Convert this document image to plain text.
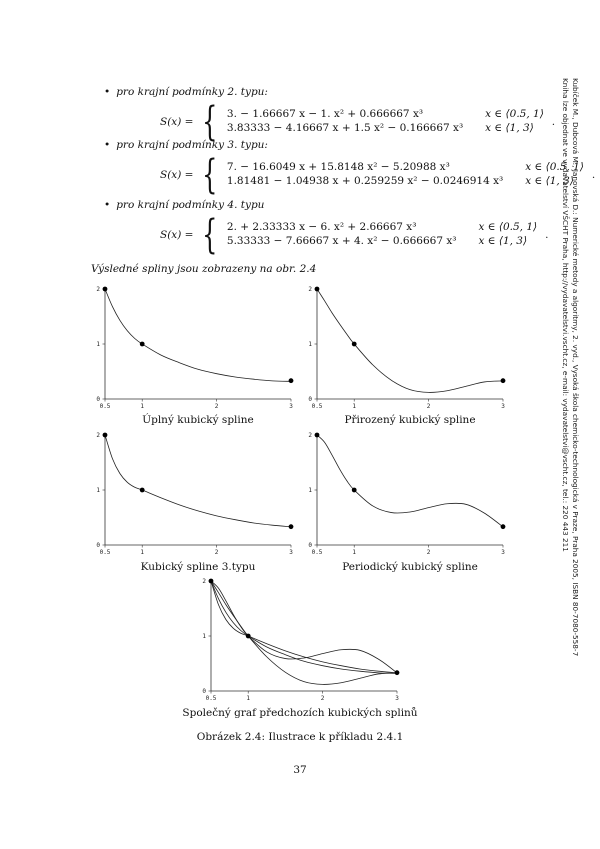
• pro krajní podmínky 2. typu:
S(x) = { 3. − 1.66667 x − 1. x² + 0.666667 x³	x ∈ ⟨0.5, 1⟩
3.83333 − 4.16667 x + 1.5 x² − 0.166667 x³	x ∈ ⟨1, 3⟩ .
• pro krajní podmínky 3. typu:
S(x) = { 7. − 16.6049 x + 15.8148 x² − 5.20988 x³	x ∈ ⟨0.5, 1⟩
1.81481 − 1.04938 x + 0.259259 x² − 0.0246914 x³	x ∈ ⟨1, 3⟩ .
• pro krajní podmínky 4. typu
S(x) = { 2. + 2.33333 x − 6. x² + 2.66667 x³	x ∈ ⟨0.5, 1⟩
5.33333 − 7.66667 x + 4. x² − 0.666667 x³	x ∈ ⟨1, 3⟩ .
Výsledné spliny jsou zobrazeny na obr. 2.4
0.5	1	2	3
0
1
2
Úplný kubický spline
0.5	1	2	3
0
1
2
Přirozený kubický spline
0.5	1	2	3
0
1
2
Kubický spline 3.typu
0.5	1	2	3
0
1
2
Periodický kubický spline
0.5	1	2	3
0
1
2
Společný graf předchozích kubických splinů
Obrázek 2.4: Ilustrace k příkladu 2.4.1
37
Kubíček M., Dubcová M., Janovská D.: Numerické metody a algoritmy, 2. vyd., Vysoká škola chemicko-technologická v Praze, Praha 2005, ISBN 80-7080-558-7
Kniha lze objednat ve vydavatelství VŠCHT Praha, http://vydavatelstvi.vscht.cz, e-mail: vydavatelstvi@vscht.cz, tel.: 220 443 211
